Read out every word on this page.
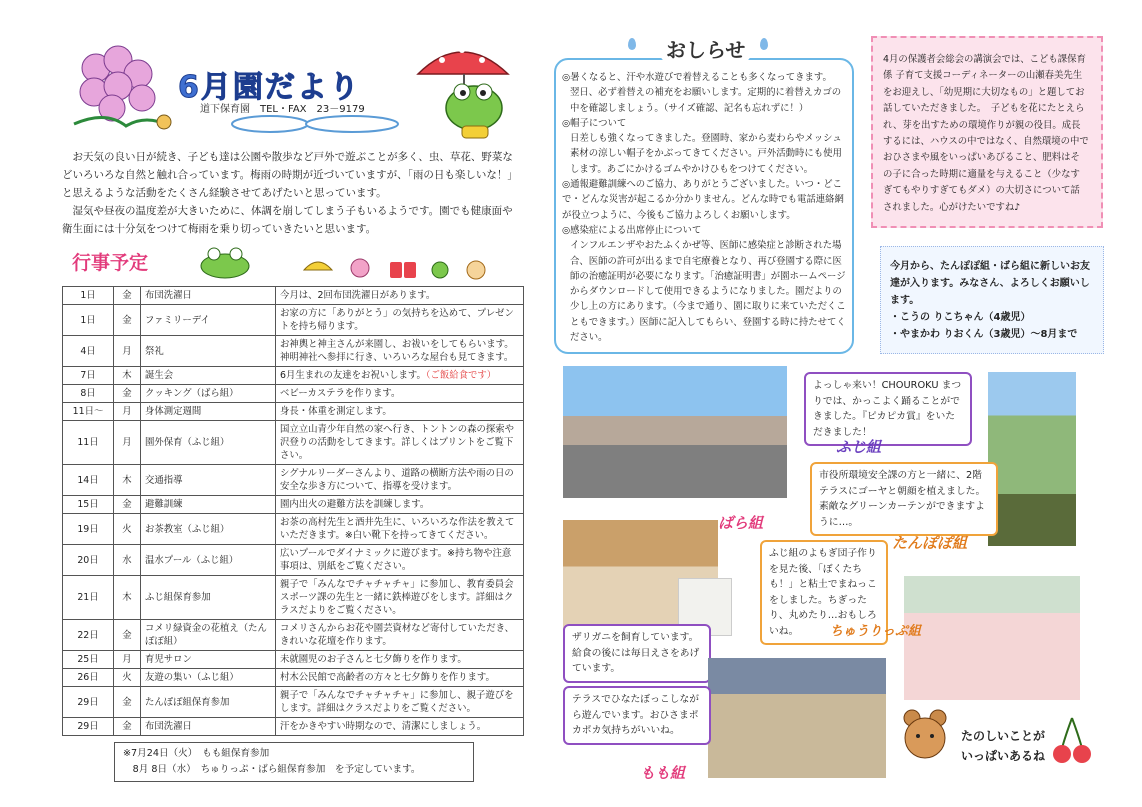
6月園だより
道下保育園　TEL・FAX　23－9179

お天気の良い日が続き、子ども達は公園や散歩など戸外で遊ぶことが多く、虫、草花、野菜などいろいろな自然と触れ合っています。梅雨の時期が近づいていますが、「雨の日も楽しいな！」と思えるような活動をたくさん経験させてあげたいと思っています。

湿気や昼夜の温度差が大きいために、体調を崩してしまう子もいるようです。園でも健康面や衛生面には十分気をつけて梅雨を乗り切っていきたいと思います。

行事予定
1日	金	布団洗濯日	今月は、2回布団洗濯日があります。
1日	金	ファミリーデイ	お家の方に「ありがとう」の気持ちを込めて、プレゼントを持ち帰ります。
4日	月	祭礼	お神輿と神主さんが来園し、お祓いをしてもらいます。神明神社へ参拝に行き、いろいろな屋台も見てきます。
7日	木	誕生会	6月生まれの友達をお祝いします。（ご飯給食です）
8日	金	クッキング（ばら組）	ベビーカステラを作ります。
11日～	月	身体測定週間	身長・体重を測定します。
11日	月	園外保育（ふじ組）	国立立山青少年自然の家へ行き、トントンの森の探索や沢登りの活動をしてきます。詳しくはプリントをご覧下さい。
14日	木	交通指導	シグナルリーダーさんより、道路の横断方法や雨の日の安全な歩き方について、指導を受けます。
15日	金	避難訓練	園内出火の避難方法を訓練します。
19日	火	お茶教室（ふじ組）	お茶の高村先生と酒井先生に、いろいろな作法を教えていただきます。※白い靴下を持ってきてください。
20日	水	温水プール（ふじ組）	広いプールでダイナミックに遊びます。※持ち物や注意事項は、別紙をご覧ください。
21日	木	ふじ組保育参加	親子で「みんなでチャチャチャ」に参加し、教育委員会スポーツ課の先生と一緒に鉄棒遊びをします。詳細はクラスだよりをご覧ください。
22日	金	コメリ緑資金の花植え（たんぽぽ組）	コメリさんからお花や園芸資材など寄付していただき、きれいな花壇を作ります。
25日	月	育児サロン	未就園児のお子さんと七夕飾りを作ります。
26日	火	友遊の集い（ふじ組）	村木公民館で高齢者の方々と七夕飾りを作ります。
29日	金	たんぽぽ組保育参加	親子で「みんなでチャチャチャ」に参加し、親子遊びをします。詳細はクラスだよりをご覧ください。
29日	金	布団洗濯日	汗をかきやすい時期なので、清潔にしましょう。
※7月24日（火）　もも組保育参加
　8月 8日（水）　ちゅりっぷ・ばら組保育参加　を予定しています。
おしらせ
◎暑くなると、汗や水遊びで着替えることも多くなってきます。
翌日、必ず着替えの補充をお願いします。定期的に着替えカゴの中を確認しましょう。（サイズ確認、記名も忘れずに！）
◎帽子について
日差しも強くなってきました。登園時、家から麦わらやメッシュ素材の涼しい帽子をかぶってきてください。戸外活動時にも使用します。あごにかけるゴムやかけひもをつけてください。
◎通報避難訓練へのご協力、ありがとうございました。いつ・どこで・どんな災害が起こるか分かりません。どんな時でも電話連絡網が役立つように、今後もご協力よろしくお願いします。
◎感染症による出席停止について
インフルエンザやおたふくかぜ等、医師に感染症と診断された場合、医師の許可が出るまで自宅療養となり、再び登園する際に医師の治癒証明が必要になります。「治癒証明書」が園ホームページからダウンロードして使用できるようになりました。園だよりの少し上の方にあります。（今まで通り、園に取りに来ていただくこともできます。）医師に記入してもらい、登園する時に持たせてください。
4月の保護者会総会の講演会では、こども課保育係 子育て支援コーディネーターの山瀬春美先生をお迎えし、「幼児期に大切なもの」と題してお話していただきました。　子どもを花にたとえられ、芽を出すための環境作りが親の役目。成長するには、ハウスの中ではなく、自然環境の中でおひさまや風をいっぱいあびること、肥料はその子に合った時期に適量を与えること（少なすぎてもやりすぎてもダメ）の大切さについて話されました。心がけたいですね♪
今月から、たんぽぽ組・ばら組に新しいお友達が入ります。みなさん、よろしくお願いします。
・こうの りこちゃん（4歳児）
・やまかわ りおくん（3歳児）～8月まで
よっしゃ来い！CHOUROKU まつりでは、かっこよく踊ることができました。『ピカピカ賞』をいただきました！
ふじ組
市役所環境安全課の方と一緒に、2階テラスにゴーヤと朝顔を植えました。素敵なグリーンカーテンができますように…。
たんぽぽ組
ばら組
ザリガニを飼育しています。給食の後には毎日えさをあげています。
ふじ組のよもぎ団子作りを見た後、「ぼくたちも！」と粘土でまねっこをしました。ちぎったり、丸めたり…おもしろいね。	ちゅうりっぷ組
テラスでひなたぼっこしながら遊んでいます。おひさまポカポカ気持ちがいいね。
もも組
たのしいことが
いっぱいあるね
